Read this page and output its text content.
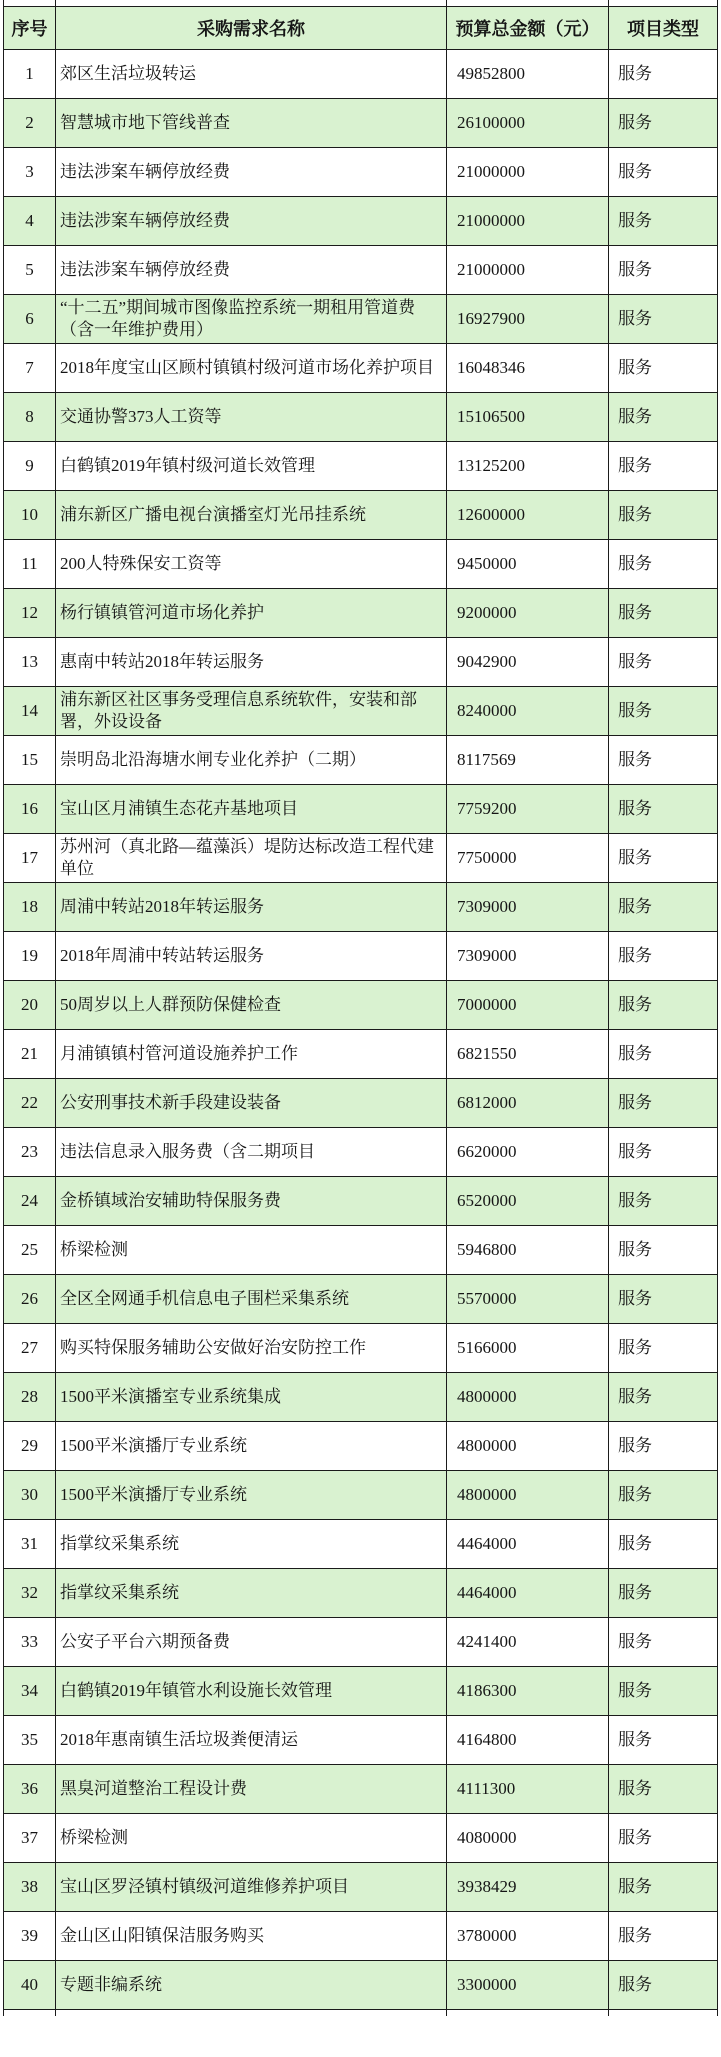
序号	采购需求名称	预算总金额（元）	项目类型
1	郊区生活垃圾转运	49852800	服务
2	智慧城市地下管线普查	26100000	服务
3	违法涉案车辆停放经费	21000000	服务
4	违法涉案车辆停放经费	21000000	服务
5	违法涉案车辆停放经费	21000000	服务
6	“十二五”期间城市图像监控系统一期租用管道费（含一年维护费用）	16927900	服务
7	2018年度宝山区顾村镇镇村级河道市场化养护项目	16048346	服务
8	交通协警373人工资等	15106500	服务
9	白鹤镇2019年镇村级河道长效管理	13125200	服务
10	浦东新区广播电视台演播室灯光吊挂系统	12600000	服务
11	200人特殊保安工资等	9450000	服务
12	杨行镇镇管河道市场化养护	9200000	服务
13	惠南中转站2018年转运服务	9042900	服务
14	浦东新区社区事务受理信息系统软件，安装和部署，外设设备	8240000	服务
15	崇明岛北沿海塘水闸专业化养护（二期）	8117569	服务
16	宝山区月浦镇生态花卉基地项目	7759200	服务
17	苏州河（真北路—蕴藻浜）堤防达标改造工程代建单位	7750000	服务
18	周浦中转站2018年转运服务	7309000	服务
19	2018年周浦中转站转运服务	7309000	服务
20	50周岁以上人群预防保健检查	7000000	服务
21	月浦镇镇村管河道设施养护工作	6821550	服务
22	公安刑事技术新手段建设装备	6812000	服务
23	违法信息录入服务费（含二期项目	6620000	服务
24	金桥镇域治安辅助特保服务费	6520000	服务
25	桥梁检测	5946800	服务
26	全区全网通手机信息电子围栏采集系统	5570000	服务
27	购买特保服务辅助公安做好治安防控工作	5166000	服务
28	1500平米演播室专业系统集成	4800000	服务
29	1500平米演播厅专业系统	4800000	服务
30	1500平米演播厅专业系统	4800000	服务
31	指掌纹采集系统	4464000	服务
32	指掌纹采集系统	4464000	服务
33	公安子平台六期预备费	4241400	服务
34	白鹤镇2019年镇管水利设施长效管理	4186300	服务
35	2018年惠南镇生活垃圾粪便清运	4164800	服务
36	黑臭河道整治工程设计费	4111300	服务
37	桥梁检测	4080000	服务
38	宝山区罗泾镇村镇级河道维修养护项目	3938429	服务
39	金山区山阳镇保洁服务购买	3780000	服务
40	专题非编系统	3300000	服务
